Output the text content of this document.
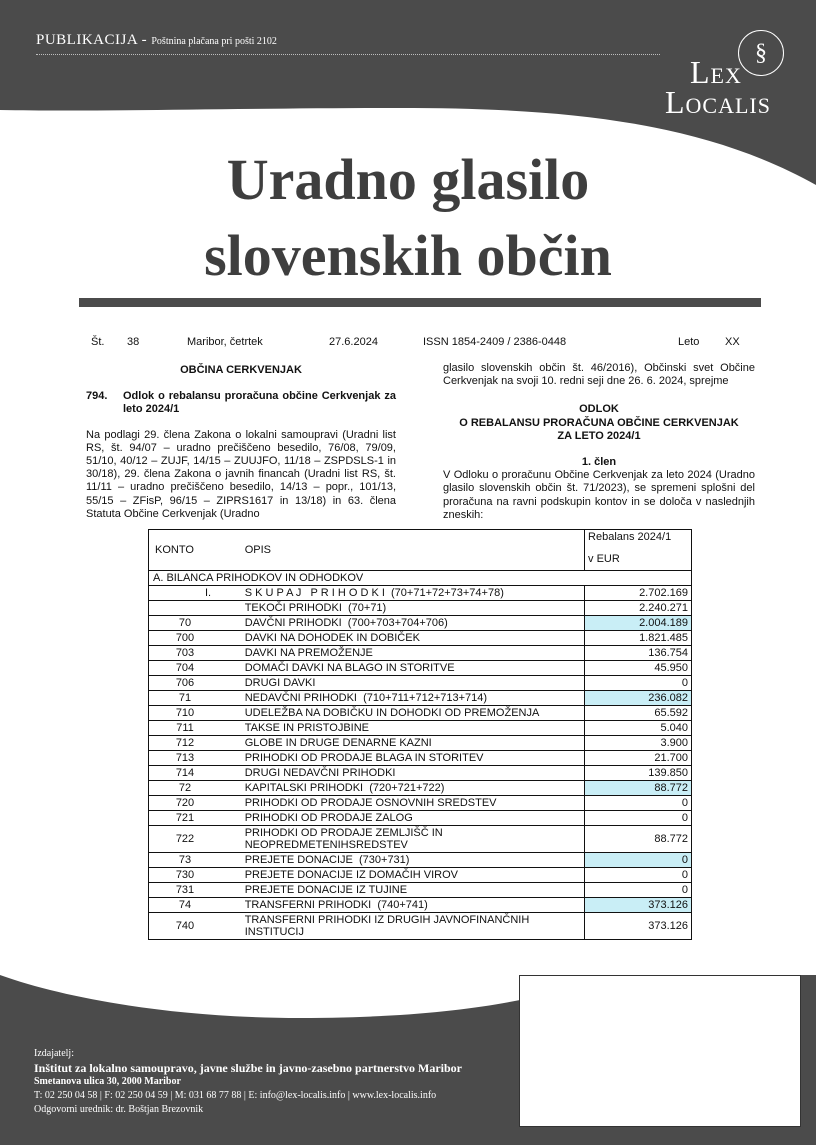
PUBLIKACIJA - Poštnina plačana pri pošti 2102	§
Lex
Localis
Uradno glasilo
slovenskih občin
Št. 38	Maribor, četrtek	27.6.2024	ISSN 1854-2409 / 2386-0448	Leto XX
OBČINA CERKVENJAK
794.	Odlok o rebalansu proračuna občine Cerkvenjak za leto 2024/1
Na podlagi 29. člena Zakona o lokalni samoupravi (Uradni list RS, št. 94/07 – uradno prečiščeno besedilo, 76/08, 79/09, 51/10, 40/12 – ZUJF, 14/15 – ZUUJFO, 11/18 – ZSPDSLS-1 in 30/18), 29. člena Zakona o javnih financah (Uradni list RS, št. 11/11 – uradno prečiščeno besedilo, 14/13 – popr., 101/13, 55/15 – ZFisP, 96/15 – ZIPRS1617 in 13/18) in 63. člena Statuta Občine Cerkvenjak (Uradno
glasilo slovenskih občin št. 46/2016), Občinski svet Občine Cerkvenjak na svoji 10. redni seji dne 26. 6. 2024, sprejme
ODLOK
O REBALANSU PRORAČUNA OBČINE CERKVENJAK
ZA LETO 2024/1
1. člen
V Odloku o proračunu Občine Cerkvenjak za leto 2024 (Uradno glasilo slovenskih občin št. 71/2023), se spremeni splošni del proračuna na ravni podskupin kontov in se določa v naslednjih zneskih:
KONTO	OPIS	Rebalans 2024/1
v EUR

A. BILANCA PRIHODKOV IN ODHODKOV		
I.	S K U P A J   P R I H O D K I  (70+71+72+73+74+78)	2.702.169

	TEKOČI PRIHODKI  (70+71)	2.240.271

70	DAVČNI PRIHODKI  (700+703+704+706)	2.004.189

700	DAVKI NA DOHODEK IN DOBIČEK	1.821.485

703	DAVKI NA PREMOŽENJE	136.754

704	DOMAČI DAVKI NA BLAGO IN STORITVE	45.950

706	DRUGI DAVKI	0

71	NEDAVČNI PRIHODKI  (710+711+712+713+714)	236.082

710	UDELEŽBA NA DOBIČKU IN DOHODKI OD PREMOŽENJA	65.592

711	TAKSE IN PRISTOJBINE	5.040

712	GLOBE IN DRUGE DENARNE KAZNI	3.900

713	PRIHODKI OD PRODAJE BLAGA IN STORITEV	21.700

714	DRUGI NEDAVČNI PRIHODKI	139.850

72	KAPITALSKI PRIHODKI  (720+721+722)	88.772

720	PRIHODKI OD PRODAJE OSNOVNIH SREDSTEV	0

721	PRIHODKI OD PRODAJE ZALOG	0

722	PRIHODKI OD PRODAJE ZEMLJIŠČ IN NEOPREDMETENIHSREDSTEV	88.772

73	PREJETE DONACIJE  (730+731)	0

730	PREJETE DONACIJE IZ DOMAČIH VIROV	0

731	PREJETE DONACIJE IZ TUJINE	0

74	TRANSFERNI PRIHODKI  (740+741)	373.126

740	TRANSFERNI PRIHODKI IZ DRUGIH JAVNOFINANČNIH INSTITUCIJ	373.126
Izdajatelj:
Inštitut za lokalno samoupravo, javne službe in javno-zasebno partnerstvo Maribor
Smetanova ulica 30, 2000 Maribor
T: 02 250 04 58 | F: 02 250 04 59 | M: 031 68 77 88 | E: info@lex-localis.info | www.lex-localis.info
Odgovorni urednik: dr. Boštjan Brezovnik
